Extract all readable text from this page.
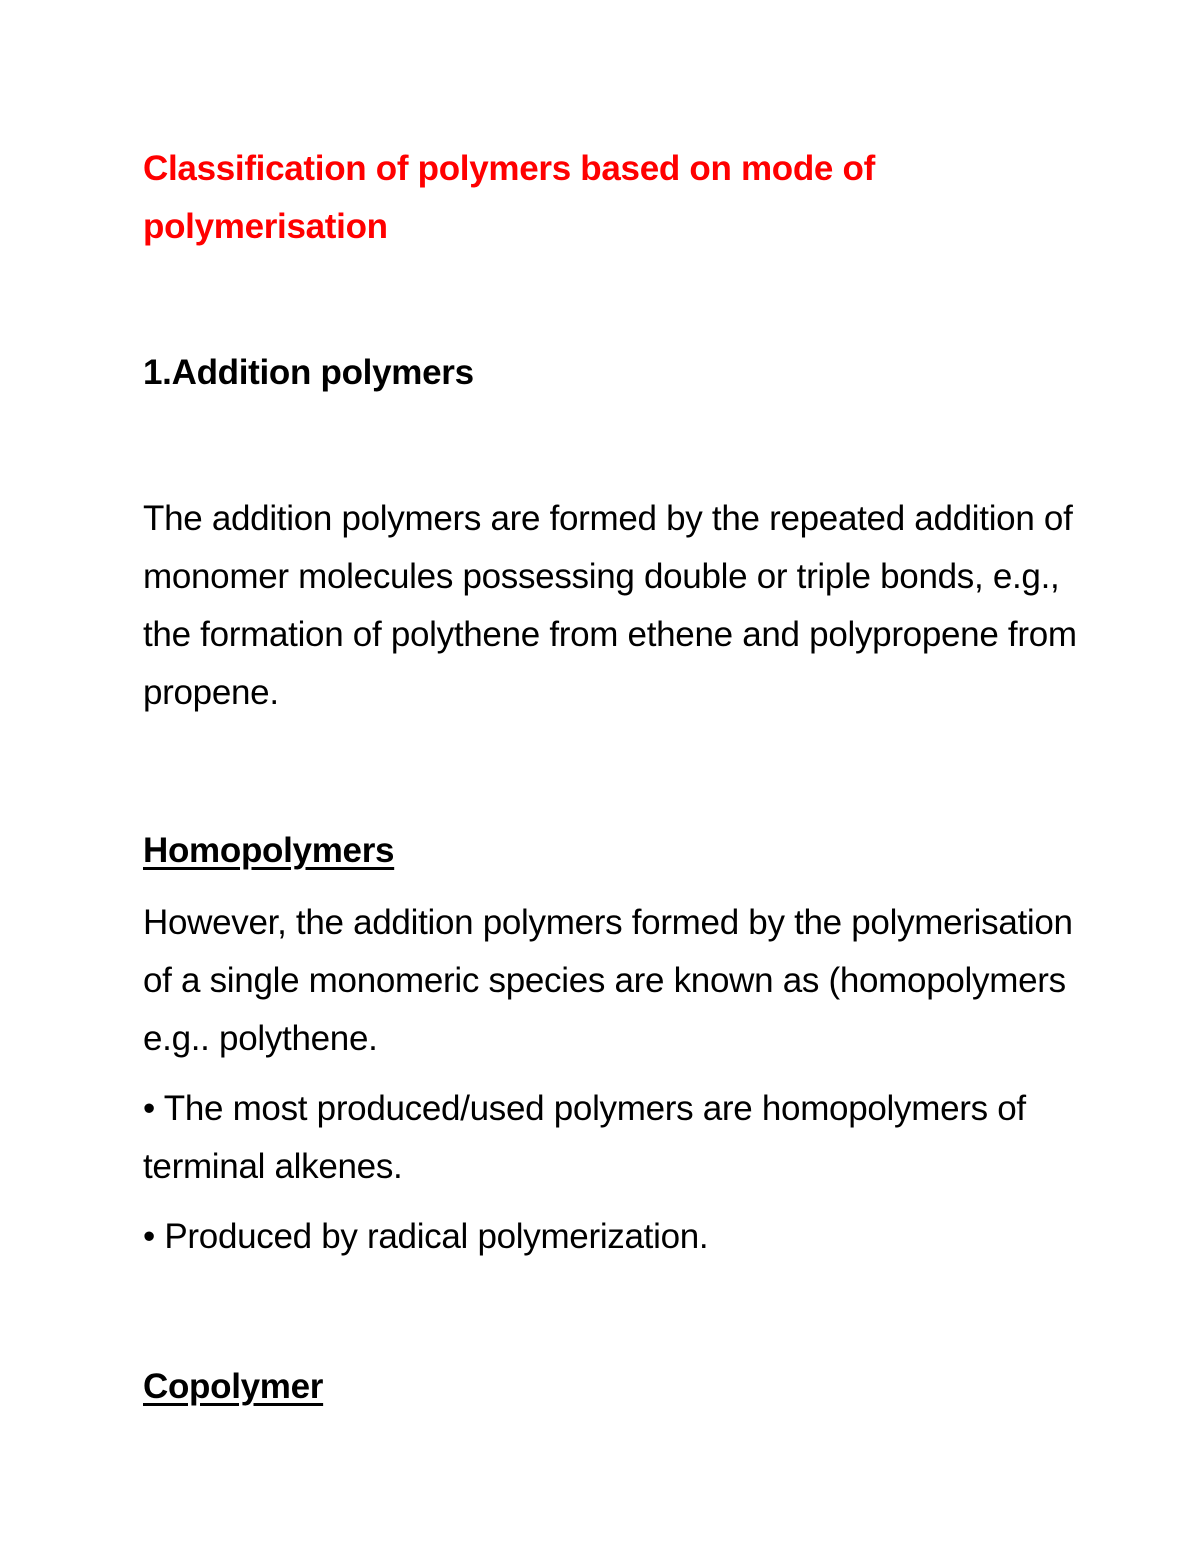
Classification of polymers based on mode of polymerisation
1.Addition polymers

The addition polymers are formed by the repeated addition of monomer molecules possessing double or triple bonds, e.g., the formation of polythene from ethene and polypropene from propene.

Homopolymers

However, the addition polymers formed by the polymerisation of a single monomeric species are known as (homopolymers e.g.. polythene.

• The most produced/used polymers are homopolymers of terminal alkenes.

• Produced by radical polymerization.

Copolymer
